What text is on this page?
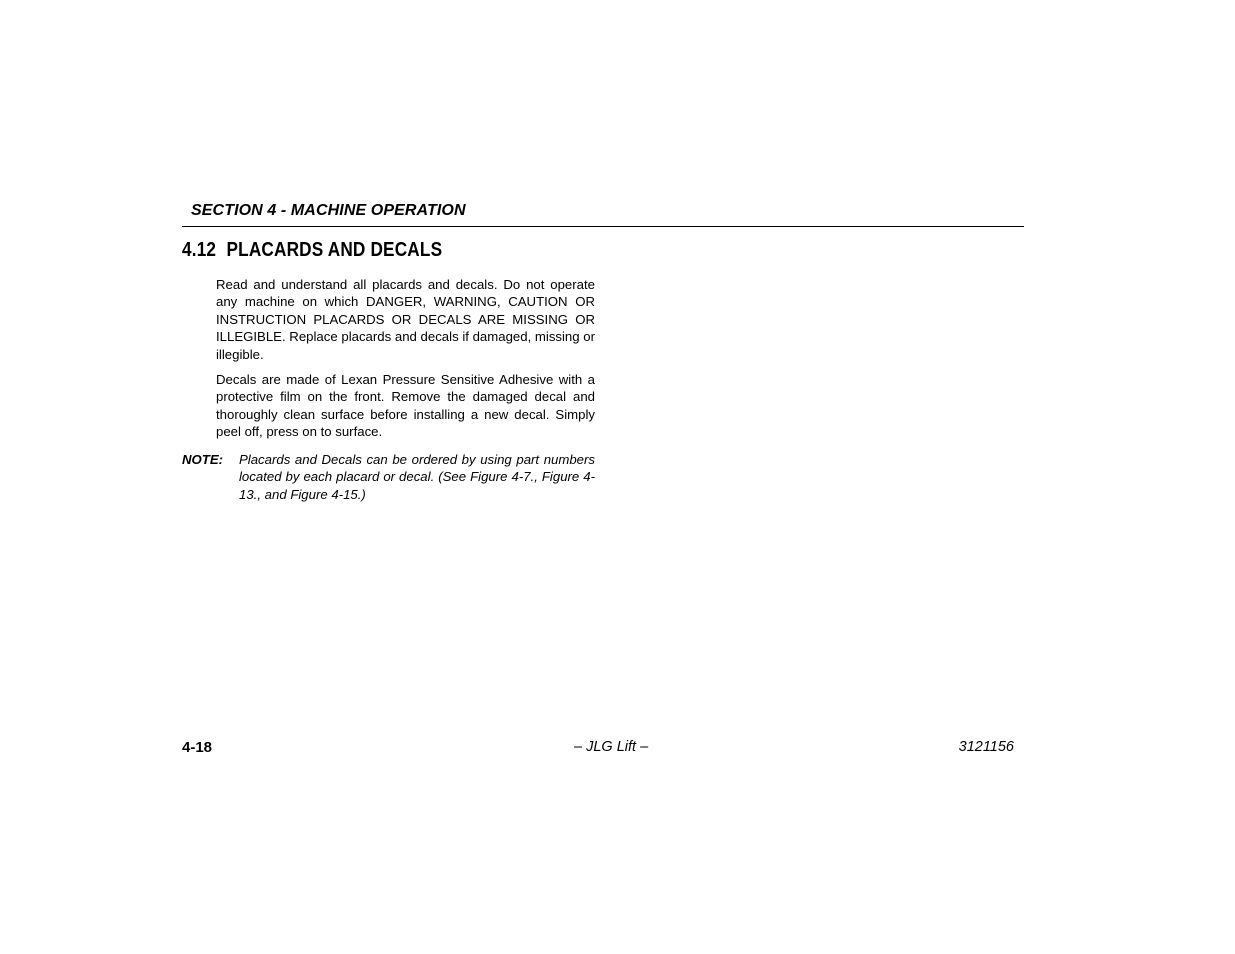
SECTION 4 - MACHINE OPERATION
4.12 PLACARDS AND DECALS

Read and understand all placards and decals. Do not operate any machine on which DANGER, WARNING, CAUTION OR INSTRUCTION PLACARDS OR DECALS ARE MISSING OR ILLEGIBLE. Replace placards and decals if damaged, missing or illegible.

Decals are made of Lexan Pressure Sensitive Adhesive with a protective film on the front. Remove the damaged decal and thoroughly clean surface before installing a new decal. Simply peel off, press on to surface.

NOTE: Placards and Decals can be ordered by using part numbers located by each placard or decal. (See Figure 4-7., Figure 4-13., and Figure 4-15.)
4-18	– JLG Lift –	3121156
